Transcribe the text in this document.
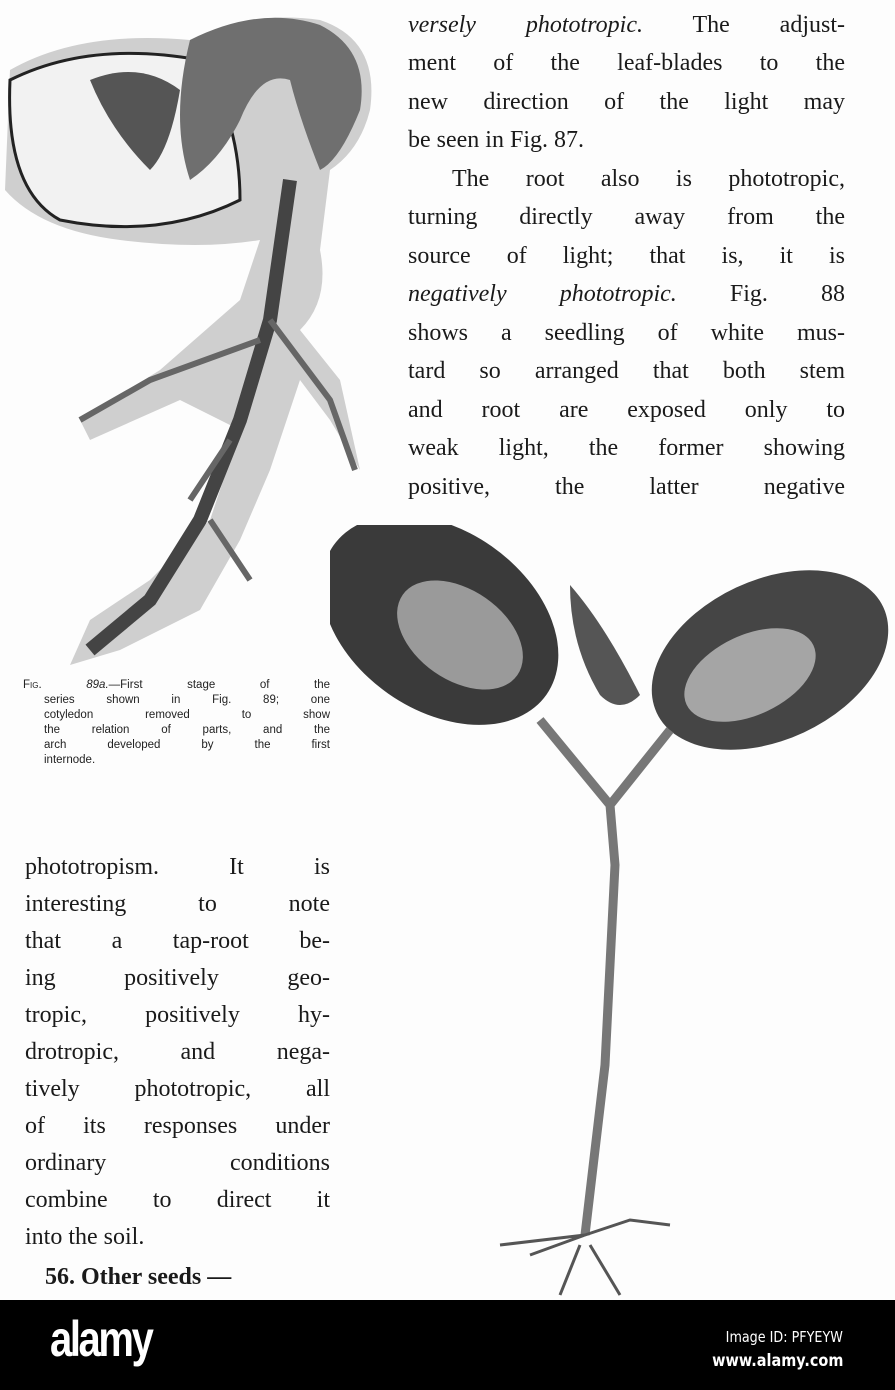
versely phototropic. The adjust-
ment of the leaf-blades to the
new direction of the light may
be seen in Fig. 87.
The root also is phototropic,
turning directly away from the
source of light; that is, it is
negatively phototropic. Fig. 88
shows a seedling of white mus-
tard so arranged that both stem
and root are exposed only to
weak light, the former showing
positive, the latter negative
Fig.	89a.—First stage of the
series shown in Fig. 89; one
cotyledon removed to show
the relation of parts, and the
arch developed by the first
internode.
phototropism. It is
interesting to note
that a tap-root be-
ing positively geo-
tropic, positively hy-
drotropic, and nega-
tively phototropic, all
of its responses under
ordinary conditions
combine to direct it
into the soil.
56. Other seeds —
alamy	Image ID: PFYEYW
www.alamy.com
